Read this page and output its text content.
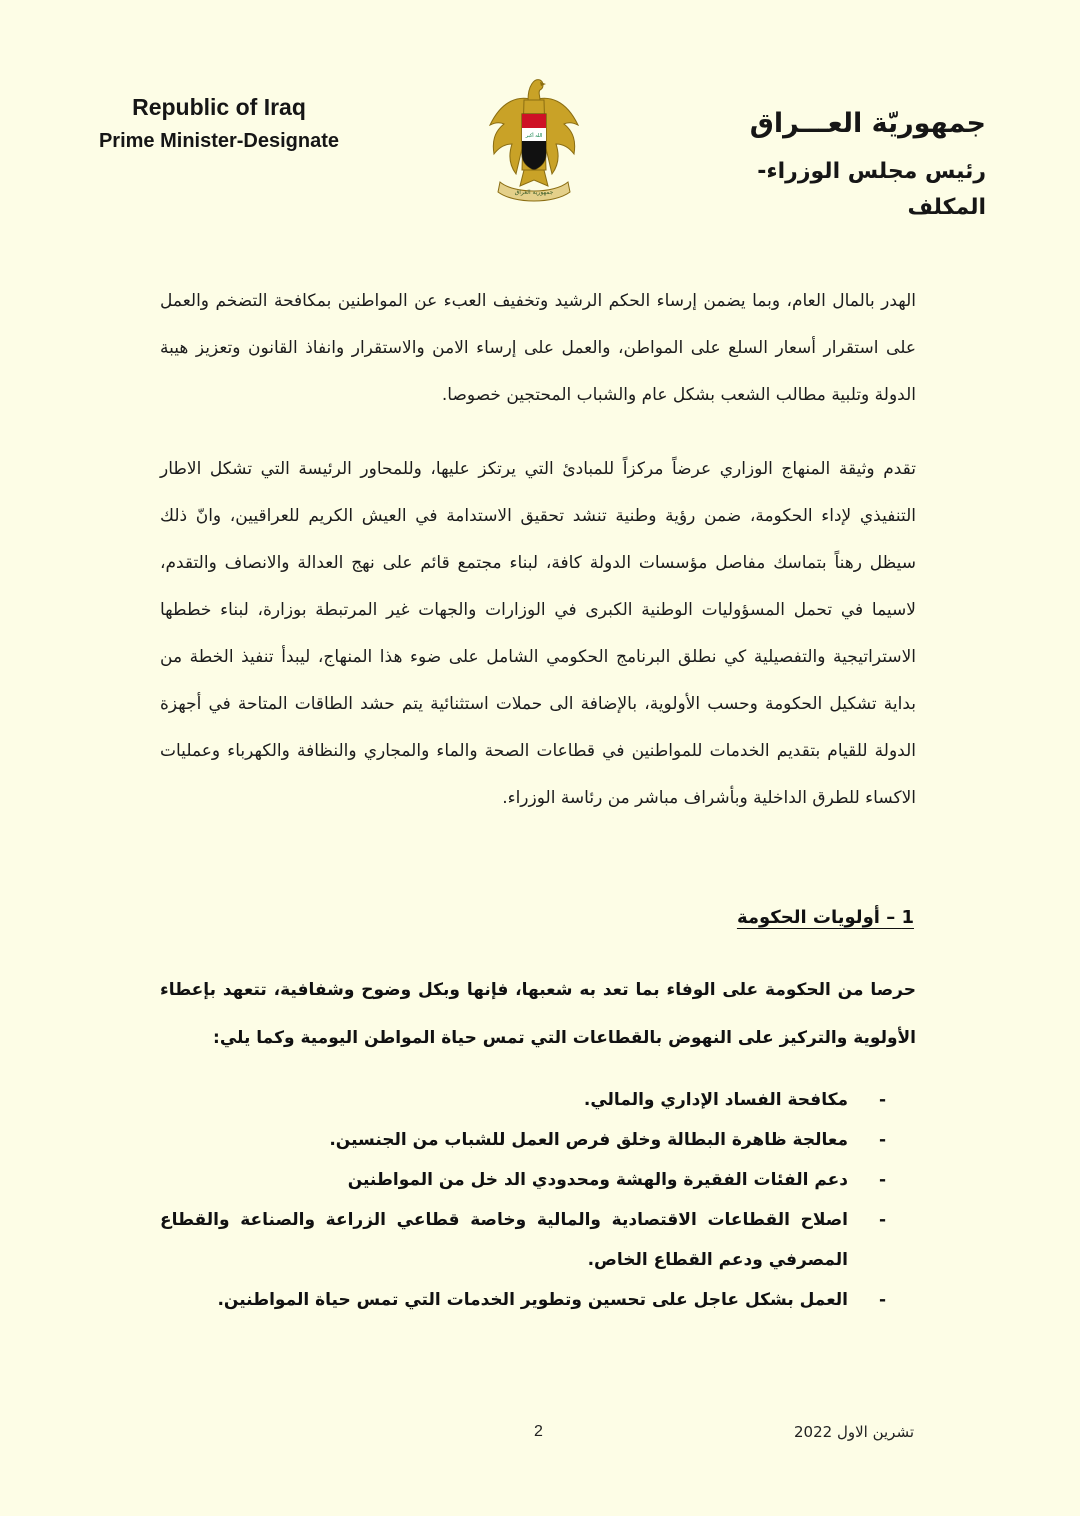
Republic of Iraq
Prime Minister-Designate	الله أكبر
جمهورية العراق
جمهوريّة العـــراق
رئيس مجلس الوزراء-المكلف

الهدر بالمال العام، وبما يضمن إرساء الحكم الرشيد وتخفيف العبء عن المواطنين بمكافحة التضخم والعمل على استقرار أسعار السلع على المواطن، والعمل على إرساء الامن والاستقرار وانفاذ القانون وتعزيز هيبة الدولة وتلبية مطالب الشعب بشكل عام والشباب المحتجين خصوصا.

تقدم وثيقة المنهاج الوزاري عرضاً مركزاً للمبادئ التي يرتكز عليها، وللمحاور الرئيسة التي تشكل الاطار التنفيذي لإداء الحكومة، ضمن رؤية وطنية تنشد تحقيق الاستدامة في العيش الكريم للعراقيين، وانّ ذلك سيظل رهناً بتماسك مفاصل مؤسسات الدولة كافة، لبناء مجتمع قائم على نهج العدالة والانصاف والتقدم، لاسيما في تحمل المسؤوليات الوطنية الكبرى في الوزارات والجهات غير المرتبطة بوزارة، لبناء خططها الاستراتيجية والتفصيلية كي نطلق البرنامج الحكومي الشامل على ضوء هذا المنهاج، ليبدأ تنفيذ الخطة من بداية تشكيل الحكومة وحسب الأولوية، بالإضافة الى حملات استثنائية يتم حشد الطاقات المتاحة في أجهزة الدولة للقيام بتقديم الخدمات للمواطنين في قطاعات الصحة والماء والمجاري والنظافة والكهرباء وعمليات الاكساء للطرق الداخلية وبأشراف مباشر من رئاسة الوزراء.

1 – أولويات الحكومة

حرصا من الحكومة على الوفاء بما تعد به شعبها، فإنها وبكل وضوح وشفافية، تتعهد بإعطاء الأولوية والتركيز على النهوض بالقطاعات التي تمس حياة المواطن اليومية وكما يلي:

-
مكافحة الفساد الإداري والمالي.
-
معالجة ظاهرة البطالة وخلق فرص العمل للشباب من الجنسين.
-
دعم الفئات الفقيرة والهشة ومحدودي الد خل من المواطنين
-
اصلاح القطاعات الاقتصادية والمالية وخاصة قطاعي الزراعة والصناعة والقطاع المصرفي ودعم القطاع الخاص.
-
العمل بشكل عاجل على تحسين وتطوير الخدمات التي تمس حياة المواطنين.
2	تشرين الاول 2022
